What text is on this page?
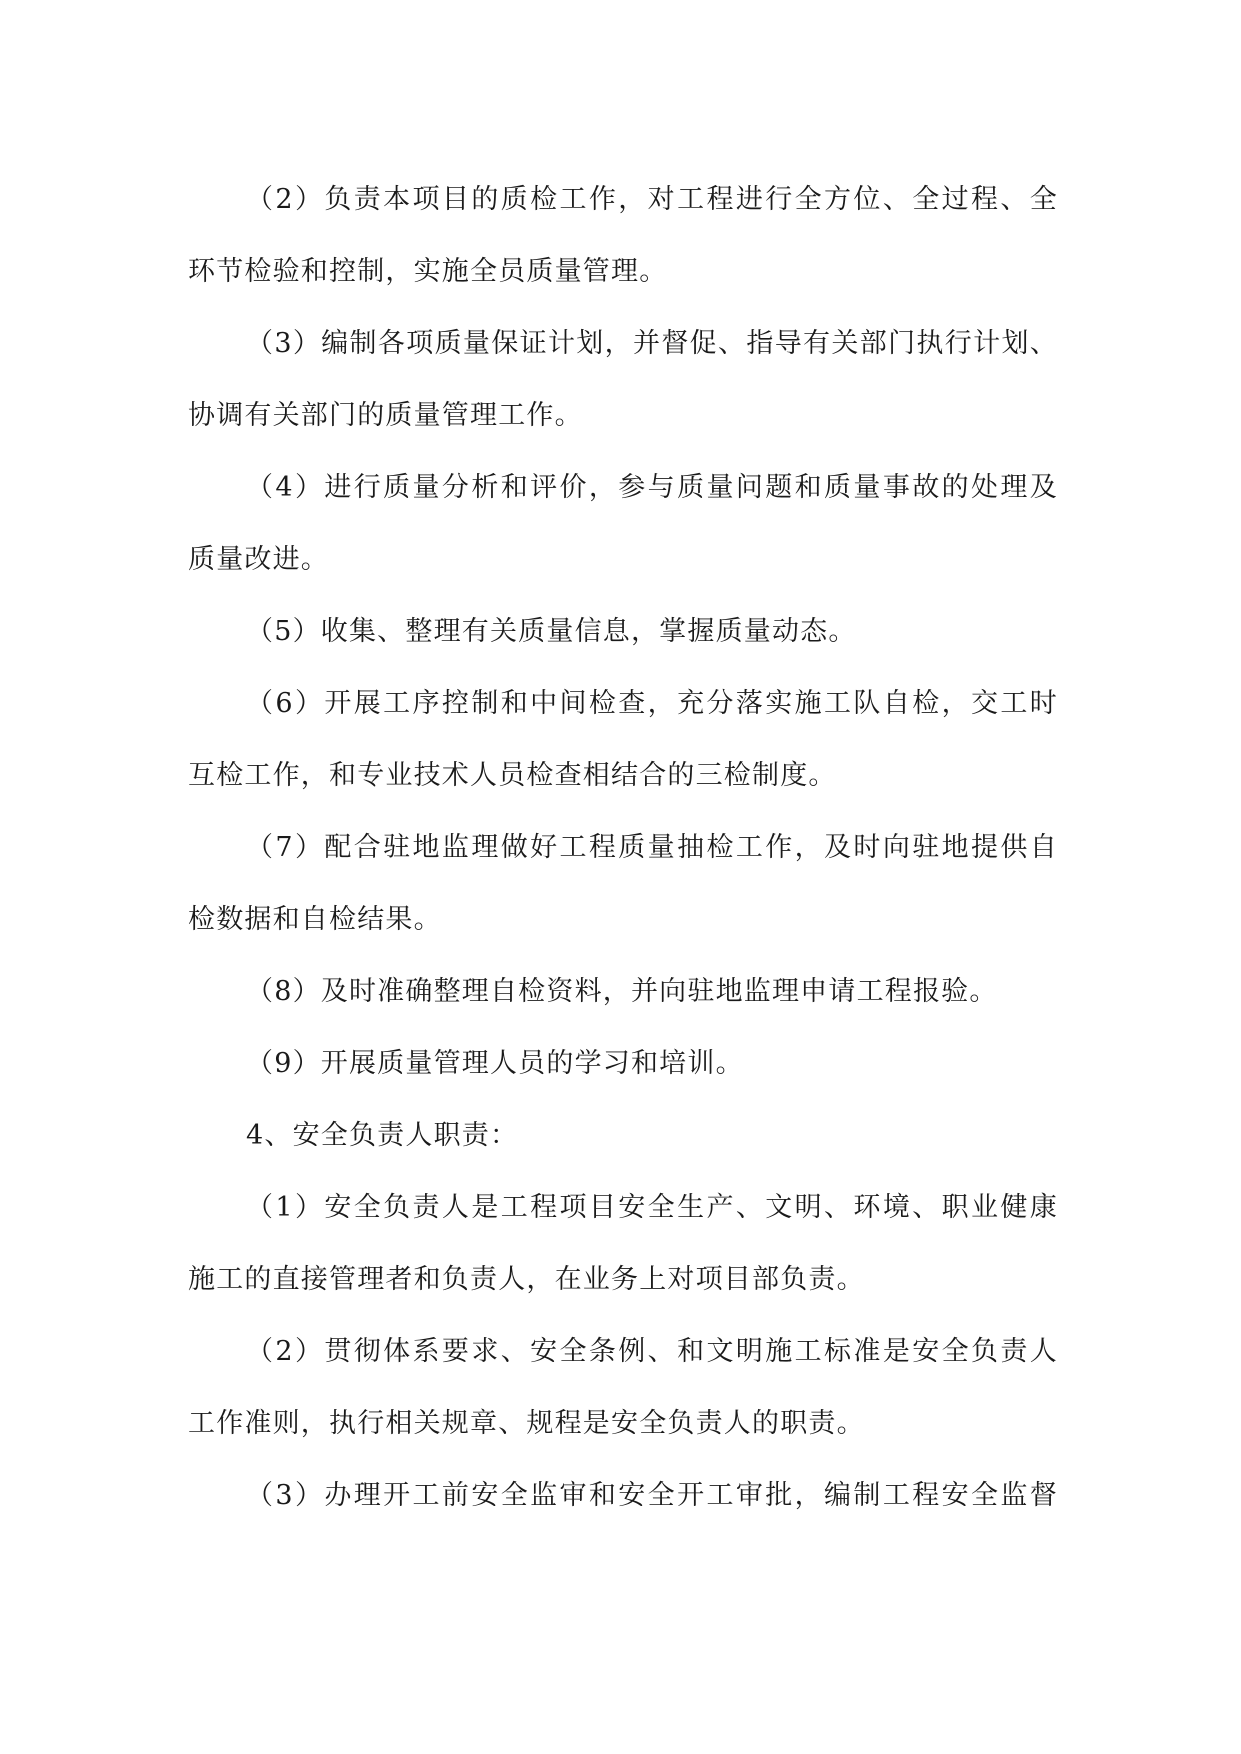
（2）负责本项目的质检工作，对工程进行全方位、全过程、全
环节检验和控制，实施全员质量管理。
（3）编制各项质量保证计划，并督促、指导有关部门执行计划、
协调有关部门的质量管理工作。
（4）进行质量分析和评价，参与质量问题和质量事故的处理及
质量改进。
（5）收集、整理有关质量信息，掌握质量动态。
（6）开展工序控制和中间检查，充分落实施工队自检，交工时
互检工作，和专业技术人员检查相结合的三检制度。
（7）配合驻地监理做好工程质量抽检工作，及时向驻地提供自
检数据和自检结果。
（8）及时准确整理自检资料，并向驻地监理申请工程报验。
（9）开展质量管理人员的学习和培训。
4、安全负责人职责：
（1）安全负责人是工程项目安全生产、文明、环境、职业健康
施工的直接管理者和负责人，在业务上对项目部负责。
（2）贯彻体系要求、安全条例、和文明施工标准是安全负责人
工作准则，执行相关规章、规程是安全负责人的职责。
（3）办理开工前安全监审和安全开工审批，编制工程安全监督
